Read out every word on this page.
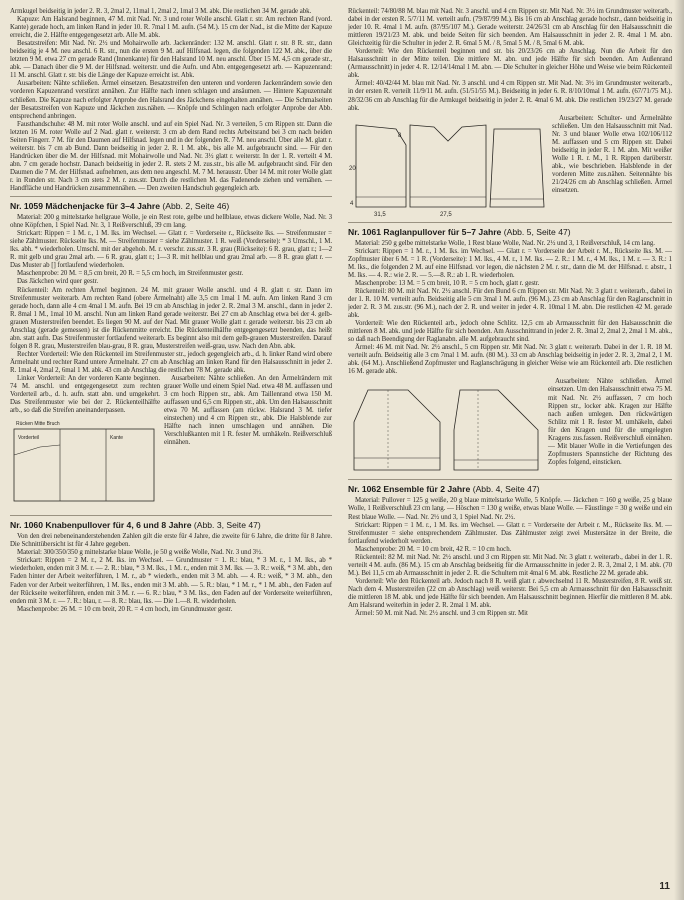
Armkugel beidseitig in jeder 2. R. 3, 2mal 2, 11mal 1, 2mal 2, 1mal 3 M. abk. Die restlichen 34 M. gerade abk.

Kapuze: Am Halsrand beginnen, 47 M. mit Nad. Nr. 3 und roter Wolle anschl. Glatt r. str. Am rechten Rand (vord. Kante) gerade hoch, am linken Rand in jeder 10. R. 7mal 1 M. aufn. (54 M.). 15 cm der Nad., ist die Mitte der Kapuze erreicht, die 2. Hälfte entgegengesetzt arb. Alle M. abk.

Besatzstreifen: Mit Nad. Nr. 2½ und Mohairwolle arb. Jackenränder: 132 M. anschl. Glatt r. str. 8 R. str., dann beidseitig je 4 M. neu anschl. 6 R. str., nun die ersten 9 M. auf Hilfsnad. legen, die folgenden 122 M. abk., über die letzten 9 M. etwa 27 cm gerade Rand (Innenkante) für den Halsrand 10 M. neu anschl. Über 15 M. 4,5 cm gerade str., abk. — Danach über die 9 M. der Hilfsnad. weiterstr. und die Aufn. und Abn. entgegengesetzt arb. — Kapuzenrand: 11 M. anschl. Glatt r. str. bis die Länge der Kapuze erreicht ist. Abk.

Ausarbeiten: Nähte schließen. Ärmel einsetzen. Besatzstreifen den unteren und vorderen Jackenrändern sowie den vorderen Kapuzenrand verstürzt annähen. Zur Hälfte nach innen schlagen und ansäumen. — Hintere Kapuzennaht schließen. Die Kapuze nach erfolgter Anprobe den Halsrand des Jäckchens eingehalten annähen. — Die Schmalseiten der Besatzstreifen von Kapuze und Jäckchen zus.nähen. — Knöpfe und Schlingen nach erfolgter Anprobe der Abb. entsprechend anbringen.

Fausthandschuhe: 48 M. mit roter Wolle anschl. und auf ein Spiel Nad. Nr. 3 verteilen, 5 cm Rippen str. Dann die letzten 16 M. roter Wolle auf 2 Nad. glatt r. weiterstr. 3 cm ab dem Rand rechts Arbeitsrand bei 3 cm nach beiden Seiten Fingerr. 7 M. für den Daumen auf Hilfsnad. legen und in der folgenden R. 7 M. neu anschl. Über alle M. glatt r. weiterstr. bis 7 cm ab Bund. Dann beidseitig in jeder 2. R. 1 M. abk., bis alle M. aufgebraucht sind. — Für den Handrücken über die M. der Hilfsnad. mit Mohairwolle und Nad. Nr. 3½ glatt r. weiterstr. In der 1. R. verteilt 4 M. abn. 7 cm gerade hochstr. Danach beidseitig in jeder 2. R. stets 2 M. zus.str., bis alle M. aufgebraucht sind. Für den Daumen die 7 M. der Hilfsnad. aufnehmen, aus dem neu angeschl. M. 7 M. herausstr. Über 14 M. mit roter Wolle glatt r. in Runden str. Nach 3 cm stets 2 M. r. zus.str. Durch die restlichen M. das Fadenende ziehen und vernähen. — Handfläche und Handrücken zusammennähen. — Den zweiten Handschuh gegengleich arb.

Nr. 1059 Mädchenjacke für 3–4 Jahre (Abb. 2, Seite 46)

Material: 200 g mittelstarke hellgraue Wolle, je ein Rest rote, gelbe und hellblaue, etwas dickere Wolle, Nad. Nr. 3 ohne Köpfchen, 1 Spiel Nad. Nr. 3, 1 Reißverschluß, 39 cm lang.

Strickart: Rippen = 1 M. r., 1 M. lks. im Wechsel. — Glatt r. = Vorderseite r., Rückseite lks. — Streifenmuster = siehe Zählmuster. Rückseite lks. M. — Streifenmuster = siehe Zählmuster. 1 R. weiß (Vorderseite): * 3 Umschl., 1 M. lks. abh. * wiederholen. Umschl. mit der abgehob. M. r. verschr. zus.str. 3 R. grau (Rückseite): 6 R. grau, glatt r.; 1—2 R. mit gelb und grau 2mal arb. — 6 R. grau, glatt r.; 1—3 R. mit hellblau und grau 2mal arb. — 8 R. grau glatt r. — Das Muster ab [] fortlaufend wiederholen.

Maschenprobe: 20 M. = 8,5 cm breit, 20 R. = 5,5 cm hoch, im Streifenmuster gestr.

Das Jäckchen wird quer gestr.

Rückenteil: Am rechten Ärmel beginnen. 24 M. mit grauer Wolle anschl. und 4 R. glatt r. str. Dann im Streifenmuster weiterarb. Am rechten Rand (obere Ärmelnaht) alle 3,5 cm 1mal 1 M. aufn. Am linken Rand 3 cm gerade hoch, dann alle 4 cm 4mal 1 M. aufn. Bei 19 cm ab Anschlag in jeder 2. R. 2mal 3 M. anschl., dann in jeder 2. R. 8mal 1 M., 1mal 10 M. anschl. Nun am linken Rand gerade weiterstr. Bei 27 cm ab Anschlag etwa bei der 4. gelb-grauen Musterstreifen beendet. Es liegen 90 M. auf der Nad. Mit grauer Wolle glatt r. gerade weiterstr. bis 23 cm ab Anschlag (gerade gemessen) ist die Rückenmitte erreicht. Die Rückenteilhälfte entgegengesetzt beenden, das heißt abn. statt aufn. Das Streifenmuster fortlaufend weiterarb. Es beginnt also mit dem gelb-grauen Musterstreifen. Darauf folgen 8 R. grau, Musterstreifen blau-grau, 8 R. grau, Musterstreifen weiß-grau, usw. Nach den Abn. abk.

Rechter Vorderteil: Wie den Rückenteil im Streifenmuster str., jedoch gegengleich arb., d. h. linker Rand wird obere Ärmelnaht und rechter Rand untere Ärmelnaht. 27 cm ab Anschlag am linken Rand für den Halsausschnitt in jeder 2. R. 1mal 4, 2mal 2, 6mal 1 M. abk. 43 cm ab Anschlag die restlichen 78 M. gerade abk.

Linker Vorderteil: An der vorderen Kante beginnen. 74 M. anschl. und entgegengesetzt zum rechten Vorderteil arb., d. h. aufn. statt abn. und umgekehrt. Das Streifenmuster wie bei der 2. Rückenteilhälfte arb., so daß die Streifen aneinanderpassen.

Rücken Mitte Bruch
Vorderteil	Kante

Ausarbeiten: Nähte schließen. An den Ärmelrändern mit grauer Wolle und einem Spiel Nad. etwa 48 M. auffassen und 3 cm hoch Rippen str., abk. Am Taillenrand etwa 150 M. auffassen und 6,5 cm Rippen str., abk. Um den Halsausschnitt etwa 70 M. auffassen (am rückw. Halsrand 3 M. tiefer einstechen) und 4 cm Rippen str., abk. Die Halsblende zur Hälfte nach innen umschlagen und annähen. Die Verschlußkanten mit 1 R. fester M. umhäkeln. Reißverschluß einnähen.

Nr. 1060 Knabenpullover für 4, 6 und 8 Jahre (Abb. 3, Seite 47)

Von den drei nebeneinanderstehenden Zahlen gilt die erste für 4 Jahre, die zweite für 6 Jahre, die dritte für 8 Jahre. Die Schnittübersicht ist für 4 Jahre gegeben.

Material: 300/350/350 g mittelstarke blaue Wolle, je 50 g weiße Wolle, Nad. Nr. 3 und 3½.

Strickart: Rippen = 2 M. r., 2 M. lks. im Wechsel. — Grundmuster = 1. R.: blau, * 3 M. r., 1 M. lks., ab * wiederholen, enden mit 3 M. r. — 2. R.: blau, * 3 M. lks., 1 M. r., enden mit 3 M. lks. — 3. R.: weiß, * 3 M. abh., den Faden hinter der Arbeit weiterführen, 1 M. r., ab * wiederh., enden mit 3 M. abh. — 4. R.: weiß, * 3 M. abh., den Faden vor der Arbeit weiterführen, 1 M. lks., enden mit 3 M. abh. — 5. R.: blau, * 1 M. r., * 1 M. abh., den Faden auf der Rückseite weiterführen, enden mit 3 M. r. — 6. R.: blau, * 3 M. lks., den Faden auf der Vorderseite weiterführen, enden mit 3 M. r. — 7. R.: blau, r. — 8. R.: blau, lks. — Die 1.—8. R. wiederholen.

Maschenprobe: 26 M. = 10 cm breit, 20 R. = 4 cm hoch, im Grundmuster gestr.

Rückenteil: 74/80/88 M. blau mit Nad. Nr. 3 anschl. und 4 cm Rippen str. Mit Nad. Nr. 3½ im Grundmuster weiterarb., dabei in der ersten R. 5/7/11 M. verteilt aufn. (79/87/99 M.). Bis 16 cm ab Anschlag gerade hochstr., dann beidseitig in jeder 10. R. 4mal 1 M. aufn. (87/95/107 M.). Gerade weiterstr. 24/26/31 cm ab Anschlag für den Halsausschnitt die mittleren 19/21/23 M. abk. und beide Seiten für sich beenden. Am Halsausschnitt in jeder 2. R. 4mal 1 M. abn. Gleichzeitig für die Schulter in jeder 2. R. 6mal 5 M. / 8, 5mal 5 M. / 8, 5mal 6 M. abk.

Vorderteil: Wie den Rückenteil beginnen und str. bis 20/23/26 cm ab Anschlag. Nun die Arbeit für den Halsausschnitt in der Mitte teilen. Die mittlere M. abn. und jede Hälfte für sich beenden. Am Außenrand (Armausschnitt) in jeder 4. R. 12/14/14mal 1 M. abn. — Die Schulter in gleicher Höhe und Weise wie beim Rückenteil abk.

Ärmel: 40/42/44 M. blau mit Nad. Nr. 3 anschl. und 4 cm Rippen str. Mit Nad. Nr. 3½ im Grundmuster weiterarb., in der ersten R. verteilt 11/9/11 M. aufn. (51/51/55 M.). Beidseitig in jeder 6. R. 8/10/10mal 1 M. aufn. (67/71/75 M.). 28/32/36 cm ab Anschlag für die Armkugel beidseitig in jeder 2. R. 4mal 6 M. abk. Die restlichen 19/23/27 M. gerade abk.

31,5	27,5
8
20
4

Ausarbeiten: Schulter- und Ärmelnähte schließen. Um den Halsausschnitt mit Nad. Nr. 3 und blauer Wolle etwa 102/106/112 M. auffassen und 5 cm Rippen str. Dabei beidseitig in jeder R. 1 M. abn. Mit weißer Wolle 1 R. r. M., 1 R. Rippen darüberstr. abk., wie beschrieben. Halsblende in der vorderen Mitte zus.nähen. Seitennähte bis 21/24/26 cm ab Anschlag schließen. Ärmel einsetzen.

Nr. 1061 Raglanpullover für 5–7 Jahre (Abb. 5, Seite 47)

Material: 250 g gelbe mittelstarke Wolle, 1 Rest blaue Wolle, Nad. Nr. 2½ und 3, 1 Reißverschluß, 14 cm lang.

Strickart: Rippen = 1 M. r., 1 M. lks. im Wechsel. — Glatt r. = Vorderseite der Arbeit r. M., Rückseite lks. M. — Zopfmuster über 6 M. = 1 R. (Vorderseite): 1 M. lks., 4 M. r., 1 M. lks. — 2. R.: 1 M. r., 4 M. lks., 1 M. r. — 3. R.: 1 M. lks., die folgenden 2 M. auf eine Hilfsnad. vor legen, die nächsten 2 M. r. str., dann die M. der Hilfsnad. r. abstr., 1 M. lks. — 4. R.: wie 2. R. — 5.—8. R.: ab 1. R. wiederholen.

Maschenprobe: 13 M. = 5 cm breit, 10 R. = 5 cm hoch, glatt r. gestr.

Rückenteil: 80 M. mit Nad. Nr. 2½ anschl. Für den Bund 6 cm Rippen str. Mit Nad. Nr. 3 glatt r. weiterarb., dabei in der 1. R. 10 M. verteilt aufn. Beidseitig alle 5 cm 3mal 1 M. aufn. (96 M.). 23 cm ab Anschlag für den Raglanschnitt in jeder 2. R. 3 M. zus.str. (96 M.), nach der 2. R. und weiter in jeder 4. R. 10mal 1 M. abn. Die restlichen 42 M. gerade abk.

Vorderteil: Wie den Rückenteil arb., jedoch ohne Schlitz. 12,5 cm ab Armausschnitt für den Halsausschnitt die mittleren 8 M. abk. und jede Hälfte für sich beenden. Am Ausschnittrand in jeder 2. R. 3mal 2, 2mal 2, 2mal 1 M. abk., so daß nach Beendigung der Raglanabn. alle M. aufgebraucht sind.

Ärmel: 46 M. mit Nad. Nr. 2½ anschl., 5 cm Rippen str. Mit Nad. Nr. 3 glatt r. weiterarb. Dabei in der 1. R. 18 M. verteilt aufn. Beidseitig alle 3 cm 7mal 1 M. aufn. (80 M.). 33 cm ab Anschlag beidseitig in jeder 2. R. 3, 2mal 2, 1 M. abk. (64 M.). Anschließend Zopfmuster und Raglanschrägung in gleicher Weise wie am Rückenteil arb. Die restlichen 16 M. gerade abk.

Ausarbeiten: Nähte schließen. Ärmel einsetzen. Um den Halsausschnitt etwa 75 M. mit Nad. Nr. 2½ auffassen, 7 cm hoch Rippen str., locker abk. Kragen zur Hälfte nach außen umlegen. Den rückwärtigen Schlitz mit 1 R. fester M. umhäkeln, dabei für den Kragen und für die umgelegten Kragens zus.fassen. Reißverschluß einnähen. — Mit blauer Wolle in die Vertiefungen des Zopfmusters Spannstiche der Richtung des Zopfes folgend, einsticken.

Nr. 1062 Ensemble für 2 Jahre (Abb. 4, Seite 47)

Material: Pullover = 125 g weiße, 20 g blaue mittelstarke Wolle, 5 Knöpfe. — Jäckchen = 160 g weiße, 25 g blaue Wolle, 1 Reißverschluß 23 cm lang. — Höschen = 130 g weiße, etwas blaue Wolle. — Fäustlinge = 30 g weiße und ein Rest blaue Wolle. — Nad. Nr. 2½ und 3, 1 Spiel Nad. Nr. 2½.

Strickart: Rippen = 1 M. r., 1 M. lks. im Wechsel. — Glatt r. = Vorderseite der Arbeit r. M., Rückseite lks. M. — Streifenmuster = siehe entsprechendem Zählmuster. Das Zählmuster zeigt zwei Mustersätze in der Breite, die fortlaufend wiederholt werden.

Maschenprobe: 20 M. = 10 cm breit, 42 R. = 10 cm hoch.

Rückenteil: 82 M. mit Nad. Nr. 2½ anschl. und 3 cm Rippen str. Mit Nad. Nr. 3 glatt r. weiterarb., dabei in der 1. R. verteilt 4 M. aufn. (86 M.). 15 cm ab Anschlag beidseitig für die Armausschnitte in jeder 2. R. 3, 2mal 2, 1 M. abk. (70 M.). Bei 11,5 cm ab Armausschnitt in jeder 2. R. die Schultern mit 4mal 6 M. abk. Restliche 22 M. gerade abk.

Vorderteil: Wie den Rückenteil arb. Jedoch nach 8 R. weiß glatt r. abwechselnd 11 R. Musterstreifen, 8 R. weiß str. Nach dem 4. Musterstreifen (22 cm ab Anschlag) weiß weiterstr. Bei 5,5 cm ab Armausschnitt für den Halsausschnitt die mittleren 18 M. abk. und jede Hälfte für sich beenden. Am Halsausschnitt beginnen. Hierfür die mittleren 8 M. abk. Am Halsrand weiterhin in jeder 2. R. 2mal 1 M. abk.

Ärmel: 50 M. mit Nad. Nr. 2½ anschl. und 3 cm Rippen str. Mit

11
